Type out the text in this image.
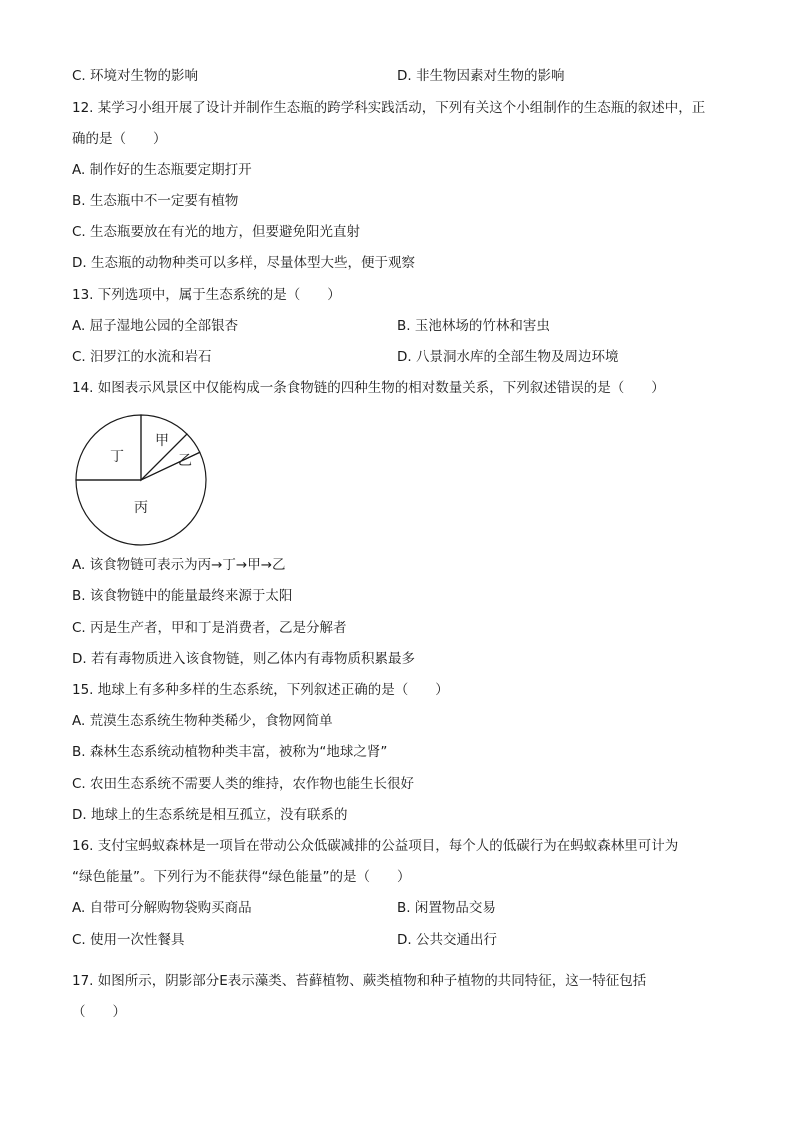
C. 环境对生物的影响	D. 非生物因素对生物的影响
12. 某学习小组开展了设计并制作生态瓶的跨学科实践活动，下列有关这个小组制作的生态瓶的叙述中，正
确的是（　　）
A. 制作好的生态瓶要定期打开
B. 生态瓶中不一定要有植物
C. 生态瓶要放在有光的地方，但要避免阳光直射
D. 生态瓶的动物种类可以多样，尽量体型大些，便于观察
13. 下列选项中，属于生态系统的是（　　）
A. 屈子湿地公园的全部银杏	B. 玉池林场的竹林和害虫
C. 汨罗江的水流和岩石	D. 八景洞水库的全部生物及周边环境
14. 如图表示风景区中仅能构成一条食物链的四种生物的相对数量关系，下列叙述错误的是（　　）
丁
甲
乙
丙
A. 该食物链可表示为丙→丁→甲→乙
B. 该食物链中的能量最终来源于太阳
C. 丙是生产者，甲和丁是消费者，乙是分解者
D. 若有毒物质进入该食物链，则乙体内有毒物质积累最多
15. 地球上有多种多样的生态系统，下列叙述正确的是（　　）
A. 荒漠生态系统生物种类稀少，食物网简单
B. 森林生态系统动植物种类丰富，被称为“地球之肾”
C. 农田生态系统不需要人类的维持，农作物也能生长很好
D. 地球上的生态系统是相互孤立，没有联系的
16. 支付宝蚂蚁森林是一项旨在带动公众低碳减排的公益项目，每个人的低碳行为在蚂蚁森林里可计为
“绿色能量”。下列行为不能获得“绿色能量”的是（　　）
A. 自带可分解购物袋购买商品	B. 闲置物品交易
C. 使用一次性餐具	D. 公共交通出行
17. 如图所示，阴影部分E表示藻类、苔藓植物、蕨类植物和种子植物的共同特征，这一特征包括
（　　）
